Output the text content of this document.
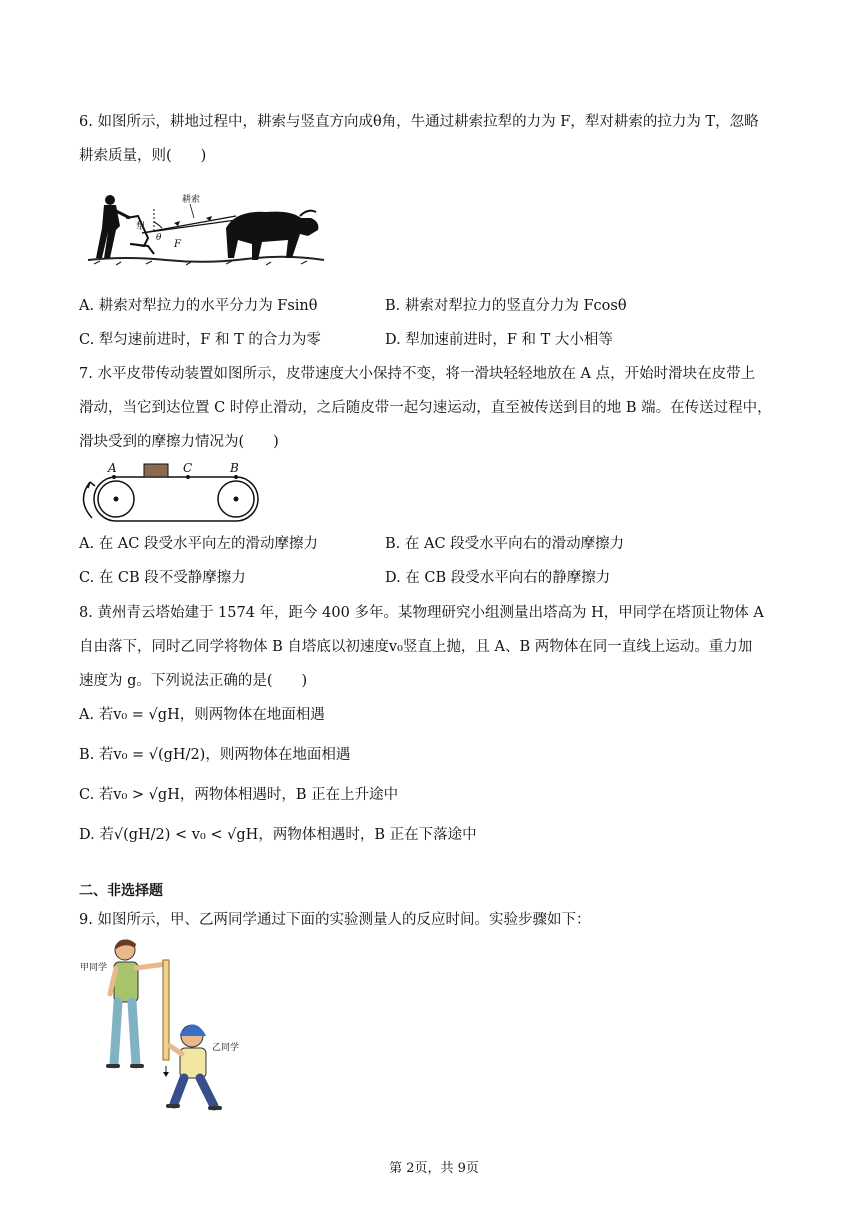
6. 如图所示，耕地过程中，耕索与竖直方向成θ角，牛通过耕索拉犁的力为 F，犁对耕索的拉力为 T，忽略
耕索质量，则(　　)
犁
θ
F
耕索
A. 耕索对犁拉力的水平分力为 Fsinθ	B. 耕索对犁拉力的竖直分力为 Fcosθ
C. 犁匀速前进时，F 和 T 的合力为零	D. 犁加速前进时，F 和 T 大小相等
7. 水平皮带传动装置如图所示，皮带速度大小保持不变，将一滑块轻轻地放在 A 点，开始时滑块在皮带上
滑动，当它到达位置 C 时停止滑动，之后随皮带一起匀速运动，直至被传送到目的地 B 端。在传送过程中，
滑块受到的摩擦力情况为(　　)
A	C	B
A. 在 AC 段受水平向左的滑动摩擦力	B. 在 AC 段受水平向右的滑动摩擦力
C. 在 CB 段不受静摩擦力	D. 在 CB 段受水平向右的静摩擦力
8. 黄州青云塔始建于 1574 年，距今 400 多年。某物理研究小组测量出塔高为 H，甲同学在塔顶让物体 A
自由落下，同时乙同学将物体 B 自塔底以初速度v₀竖直上抛，且 A、B 两物体在同一直线上运动。重力加
速度为 g。下列说法正确的是(　　)
A. 若v₀ = √gH，则两物体在地面相遇
B. 若v₀ = √(gH/2)，则两物体在地面相遇
C. 若v₀ > √gH，两物体相遇时，B 正在上升途中
D. 若√(gH/2) < v₀ < √gH，两物体相遇时，B 正在下落途中
二、非选择题
9. 如图所示，甲、乙两同学通过下面的实验测量人的反应时间。实验步骤如下：
甲同学
乙同学
第 2页，共 9页
